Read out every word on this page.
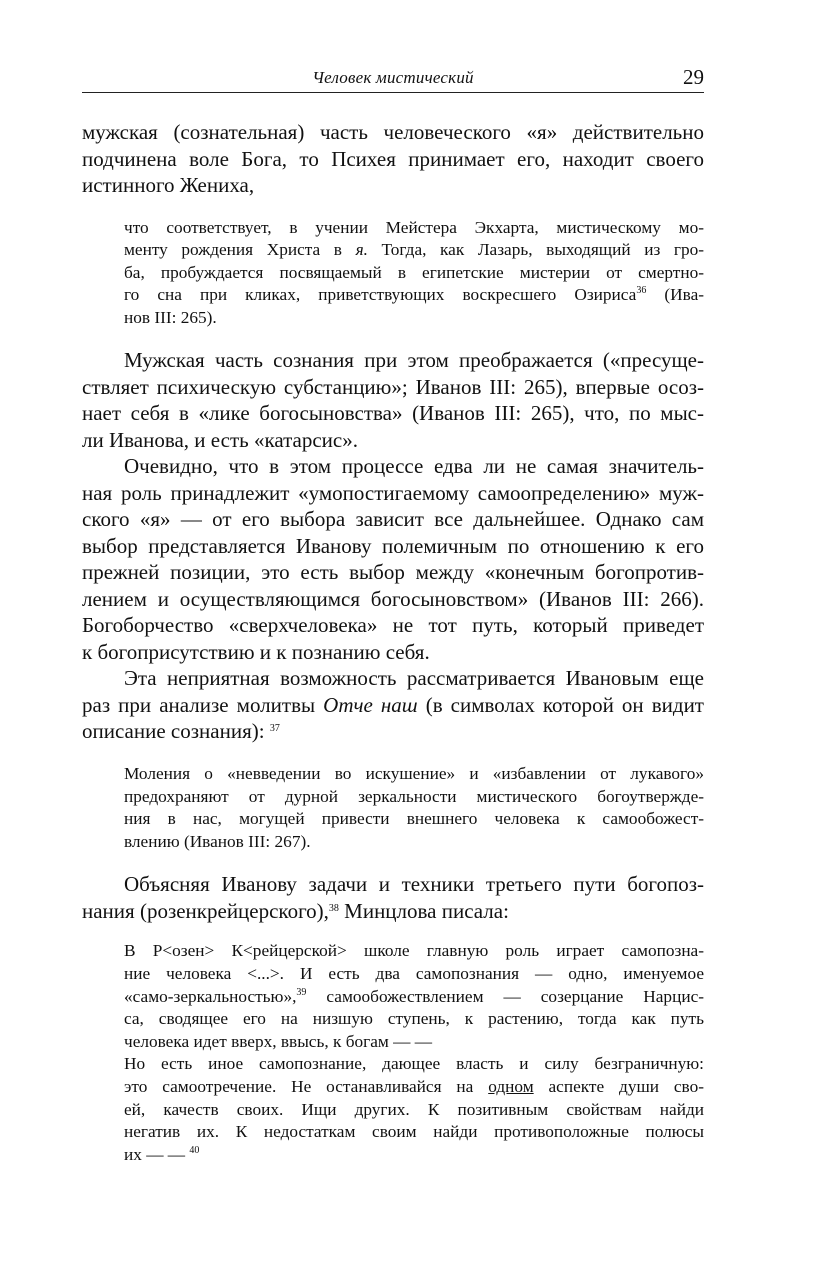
Человек мистический	29
мужская (сознательная) часть человеческого «я» действительно
подчинена воле Бога, то Психея принимает его, находит своего
истинного Жениха,
что соответствует, в учении Мейстера Экхарта, мистическому мо-
менту рождения Христа в я. Тогда, как Лазарь, выходящий из гро-
ба, пробуждается посвящаемый в египетские мистерии от смертно-
го сна при кликах, приветствующих воскресшего Озириса$^{36}$ (Ива-
нов III: 265).
Мужская часть сознания при этом преображается («пресуще-
ствляет психическую субстанцию»; Иванов III: 265), впервые осоз-
нает себя в «лике богосыновства» (Иванов III: 265), что, по мыс-
ли Иванова, и есть «катарсис».
Очевидно, что в этом процессе едва ли не самая значитель-
ная роль принадлежит «умопостигаемому самоопределению» муж-
ского «я» — от его выбора зависит все дальнейшее. Однако сам
выбор представляется Иванову полемичным по отношению к его
прежней позиции, это есть выбор между «конечным богопротив-
лением и осуществляющимся богосыновством» (Иванов III: 266).
Богоборчество «сверхчеловека» не тот путь, который приведет
к богоприсутствию и к познанию себя.
Эта неприятная возможность рассматривается Ивановым еще
раз при анализе молитвы Отче наш (в символах которой он видит
описание сознания): $^{37}$
Моления о «невведении во искушение» и «избавлении от лукавого»
предохраняют от дурной зеркальности мистического богоутвержде-
ния в нас, могущей привести внешнего человека к самообожест-
влению (Иванов III: 267).
Объясняя Иванову задачи и техники третьего пути богопоз-
нания (розенкрейцерского),$^{38}$ Минцлова писала:
В Р<озен> К<рейцерской> школе главную роль играет самопозна-
ние человека <...>. И есть два самопознания — одно, именуемое
«само-зеркальностью»,$^{39}$ самообожествлением — созерцание Нарцис-
са, сводящее его на низшую ступень, к растению, тогда как путь
человека идет вверх, ввысь, к богам — —
Но есть иное самопознание, дающее власть и силу безграничную:
это самоотречение. Не останавливайся на одном аспекте души сво-
ей, качеств своих. Ищи других. К позитивным свойствам найди
негатив их. К недостаткам своим найди противоположные полюсы
их — — $^{40}$
